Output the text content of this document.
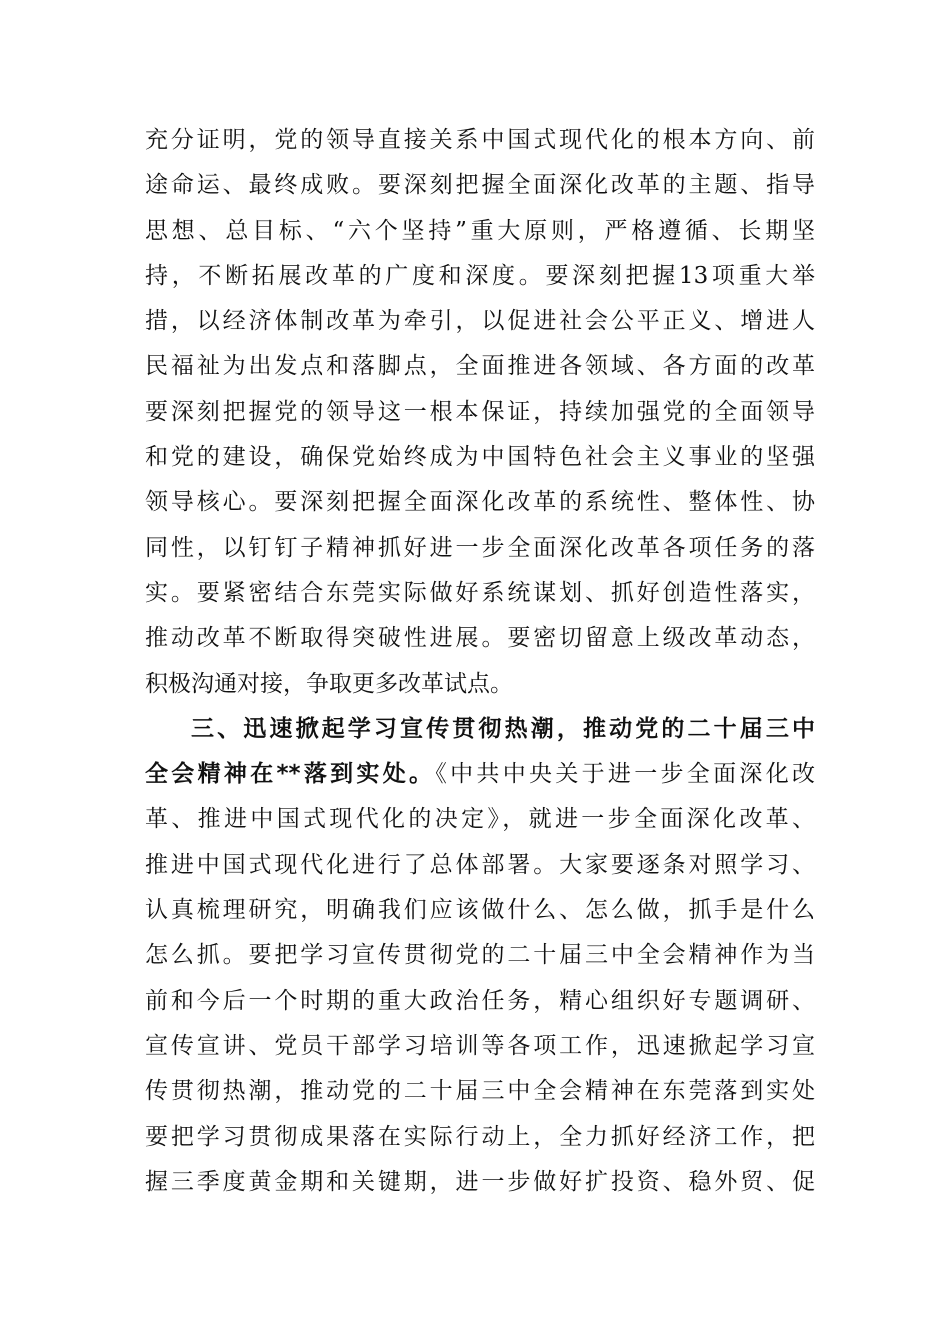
充分证明，党的领导直接关系中国式现代化的根本方向、前
途命运、最终成败。要深刻把握全面深化改革的主题、指导
思想、总目标、“六个坚持”重大原则，严格遵循、长期坚
持，不断拓展改革的广度和深度。要深刻把握13项重大举
措，以经济体制改革为牵引，以促进社会公平正义、增进人
民福祉为出发点和落脚点，全面推进各领域、各方面的改革
要深刻把握党的领导这一根本保证，持续加强党的全面领导
和党的建设，确保党始终成为中国特色社会主义事业的坚强
领导核心。要深刻把握全面深化改革的系统性、整体性、协
同性，以钉钉子精神抓好进一步全面深化改革各项任务的落
实。要紧密结合东莞实际做好系统谋划、抓好创造性落实，
推动改革不断取得突破性进展。要密切留意上级改革动态，
积极沟通对接，争取更多改革试点。
三、迅速掀起学习宣传贯彻热潮，推动党的二十届三中
全会精神在**落到实处。《中共中央关于进一步全面深化改
革、推进中国式现代化的决定》，就进一步全面深化改革、
推进中国式现代化进行了总体部署。大家要逐条对照学习、
认真梳理研究，明确我们应该做什么、怎么做，抓手是什么
怎么抓。要把学习宣传贯彻党的二十届三中全会精神作为当
前和今后一个时期的重大政治任务，精心组织好专题调研、
宣传宣讲、党员干部学习培训等各项工作，迅速掀起学习宣
传贯彻热潮，推动党的二十届三中全会精神在东莞落到实处
要把学习贯彻成果落在实际行动上，全力抓好经济工作，把
握三季度黄金期和关键期，进一步做好扩投资、稳外贸、促
